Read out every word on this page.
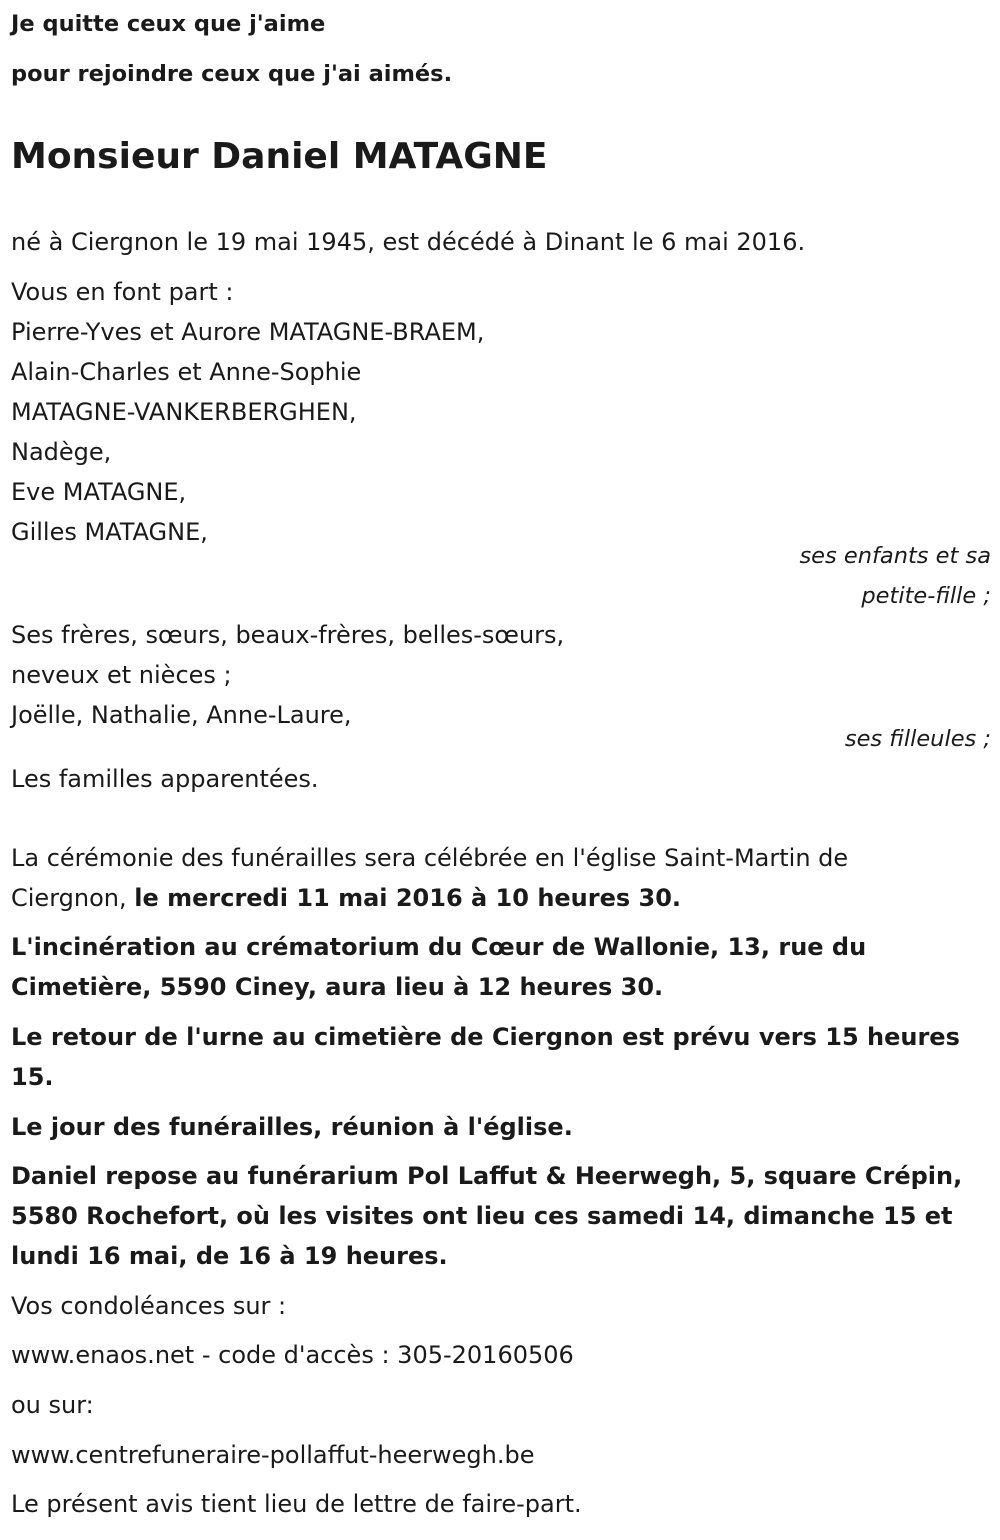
Je quitte ceux que j'aime
pour rejoindre ceux que j'ai aimés.
Monsieur Daniel MATAGNE
né à Ciergnon le 19 mai 1945, est décédé à Dinant le 6 mai 2016.
Vous en font part :
Pierre-Yves et Aurore MATAGNE-BRAEM,
Alain-Charles et Anne-Sophie
MATAGNE-VANKERBERGHEN,
Nadège,
Eve MATAGNE,
Gilles MATAGNE,
ses enfants et sa
petite-fille ;
Ses frères, sœurs, beaux-frères, belles-sœurs,
neveux et nièces ;
Joëlle, Nathalie, Anne-Laure,
ses filleules ;
Les familles apparentées.
La cérémonie des funérailles sera célébrée en l'église Saint-Martin de
Ciergnon, le mercredi 11 mai 2016 à 10 heures 30.
L'incinération au crématorium du Cœur de Wallonie, 13, rue du
Cimetière, 5590 Ciney, aura lieu à 12 heures 30.
Le retour de l'urne au cimetière de Ciergnon est prévu vers 15 heures
15.
Le jour des funérailles, réunion à l'église.
Daniel repose au funérarium Pol Laffut & Heerwegh, 5, square Crépin,
5580 Rochefort, où les visites ont lieu ces samedi 14, dimanche 15 et
lundi 16 mai, de 16 à 19 heures.
Vos condoléances sur :
www.enaos.net - code d'accès : 305-20160506
ou sur:
www.centrefuneraire-pollaffut-heerwegh.be
Le présent avis tient lieu de lettre de faire-part.
